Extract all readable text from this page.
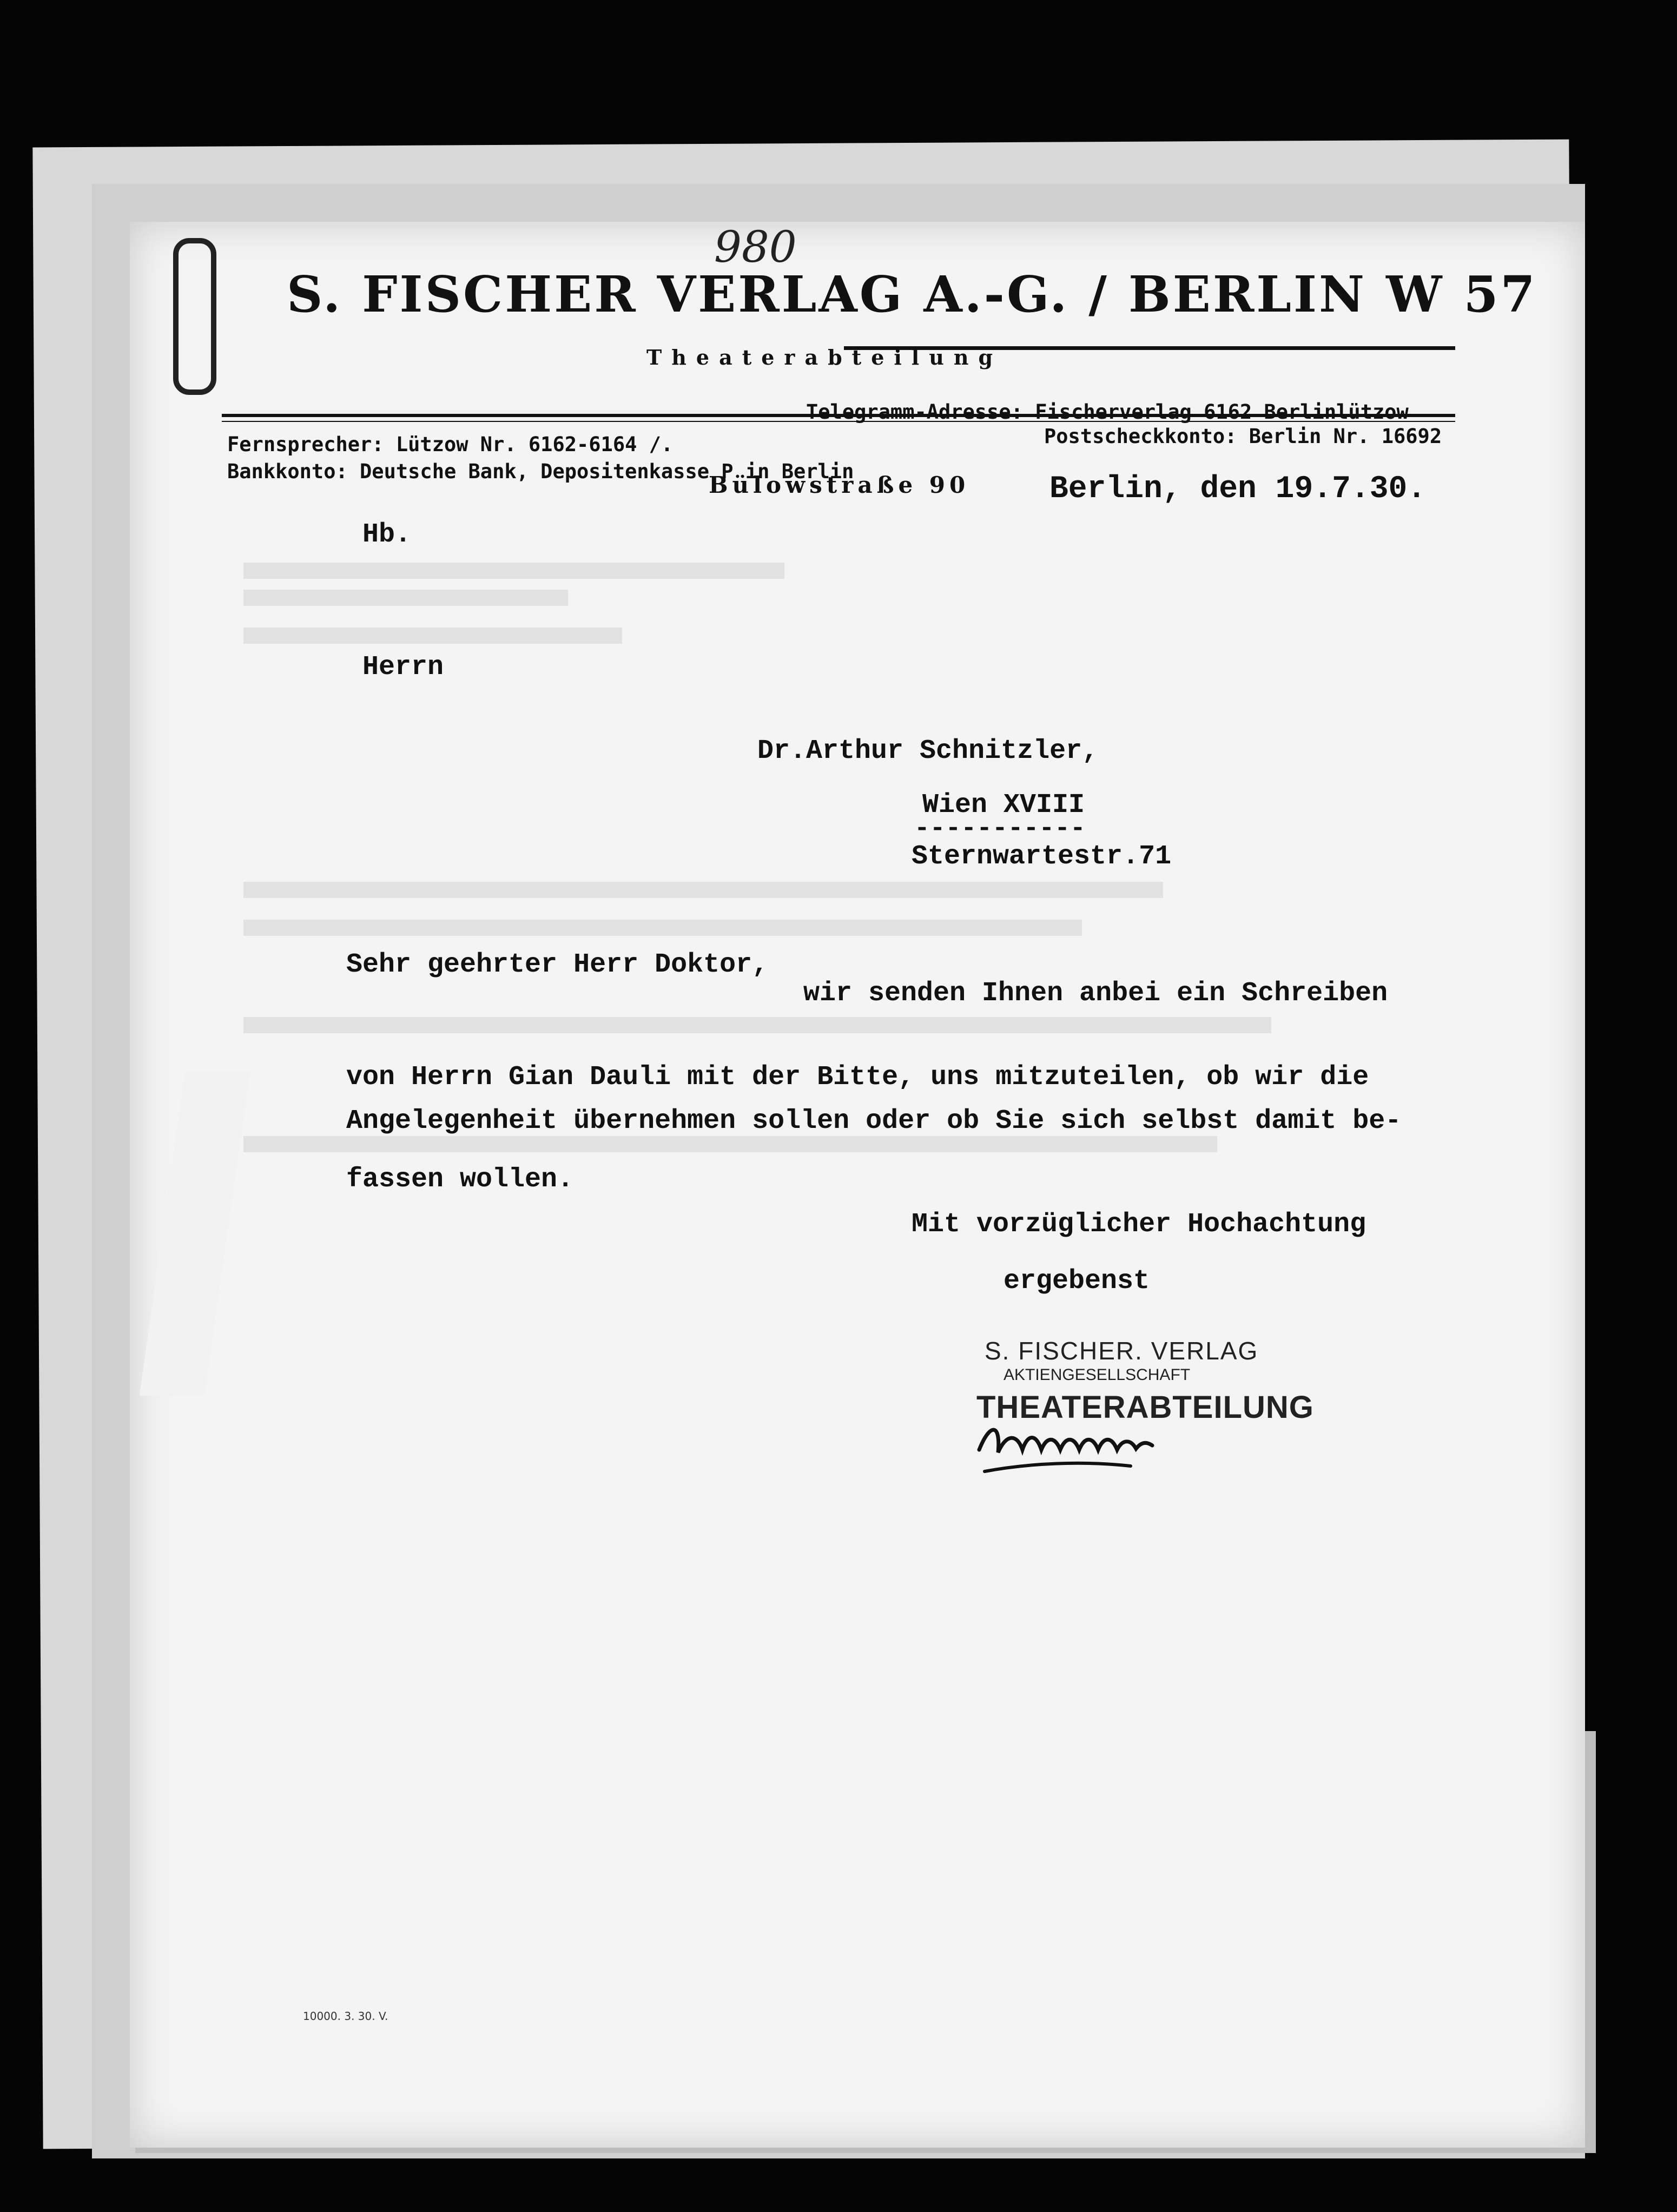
980
S. FISCHER VERLAG A.-G. / BERLIN W 57
Theaterabteilung
Telegramm-Adresse: Fischerverlag 6162 Berlinlützow
Fernsprecher: Lützow Nr. 6162-6164 /.	Postscheckkonto: Berlin Nr. 16692
Bankkonto: Deutsche Bank, Depositenkasse P in Berlin
Bülowstraße 90	Berlin, den 19.7.30.
Hb.
Herrn
Dr.Arthur Schnitzler,
Wien XVIII
-----------
Sternwartestr.71
Sehr geehrter Herr Doktor,
wir senden Ihnen anbei ein Schreiben
von Herrn Gian Dauli mit der Bitte, uns mitzuteilen, ob wir die
Angelegenheit übernehmen sollen oder ob Sie sich selbst damit be-
fassen wollen.
Mit vorzüglicher Hochachtung
ergebenst
S. FISCHER. VERLAG
AKTIENGESELLSCHAFT
THEATERABTEILUNG
10000. 3. 30. V.
